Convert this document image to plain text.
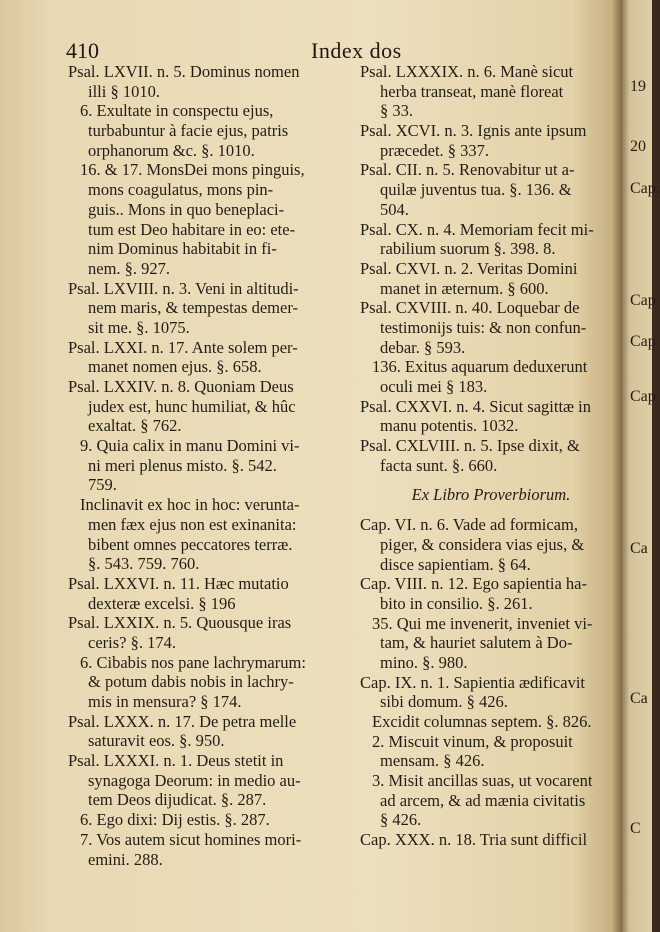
410	Index dos
Psal. LXVII. n. 5. Dominus nomen
illi § 1010.
6. Exultate in conspectu ejus,
turbabuntur à facie ejus, patris
orphanorum &c. §. 1010.
16. & 17. MonsDei mons pinguis,
mons coagulatus, mons pin-
guis.. Mons in quo beneplaci-
tum est Deo habitare in eo: ete-
nim Dominus habitabit in fi-
nem. §. 927.
Psal. LXVIII. n. 3. Veni in altitudi-
nem maris, & tempestas demer-
sit me. §. 1075.
Psal. LXXI. n. 17. Ante solem per-
manet nomen ejus. §. 658.
Psal. LXXIV. n. 8. Quoniam Deus
judex est, hunc humiliat, & hûc
exaltat. § 762.
9. Quia calix in manu Domini vi-
ni meri plenus misto. §. 542.
759.
Inclinavit ex hoc in hoc: veruntа-
men fæx ejus non est exinanita:
bibent omnes peccatores terræ.
§. 543. 759. 760.
Psal. LXXVI. n. 11. Hæc mutatio
dexteræ excelsi. § 196
Psal. LXXIX. n. 5. Quousque iras
ceris? §. 174.
6. Cibabis nos pane lachrymarum:
& potum dabis nobis in lachry-
mis in mensura? § 174.
Psal. LXXX. n. 17. De petra melle
saturavit eos. §. 950.
Psal. LXXXI. n. 1. Deus stetit in
synagoga Deorum: in medio au-
tem Deos dijudicat. §. 287.
6. Ego dixi: Dij estis. §. 287.
7. Vos autem sicut homines mori-
emini. 288.
Psal. LXXXIX. n. 6. Manè sicut
herba transeat, manè floreat
§ 33.
Psal. XCVI. n. 3. Ignis ante ipsum
præcedet. § 337.
Psal. CII. n. 5. Renovabitur ut a-
quilæ juventus tua. §. 136. &
504.
Psal. CX. n. 4. Memoriam fecit mi-
rabilium suorum §. 398. 8.
Psal. CXVI. n. 2. Veritas Domini
manet in æternum. § 600.
Psal. CXVIII. n. 40. Loquebar de
testimonijs tuis: & non confun-
debar. § 593.
136. Exitus aquarum deduxerunt
oculi mei § 183.
Psal. CXXVI. n. 4. Sicut sagittæ in
manu potentis. 1032.
Psal. CXLVIII. n. 5. Ipse dixit, &
facta sunt. §. 660.
Ex Libro Proverbiorum.
Cap. VI. n. 6. Vade ad formicam,
piger, & considera vias ejus, &
disce sapientiam. § 64.
Cap. VIII. n. 12. Ego sapientia ha-
bito in consilio. §. 261.
35. Qui me invenerit, inveniet vi-
tam, & hauriet salutem à Do-
mino. §. 980.
Cap. IX. n. 1. Sapientia ædificavit
sibi domum. § 426.
Excidit columnas septem. §. 826.
2. Miscuit vinum, & proposuit
mensam. § 426.
3. Misit ancillas suas, ut vocarent
ad arcem, & ad mænia civitatis
§ 426.
Cap. XXX. n. 18. Tria sunt difficil
19
20
Cap.
Cap
Cap
Cap
Ca
Ca
C
